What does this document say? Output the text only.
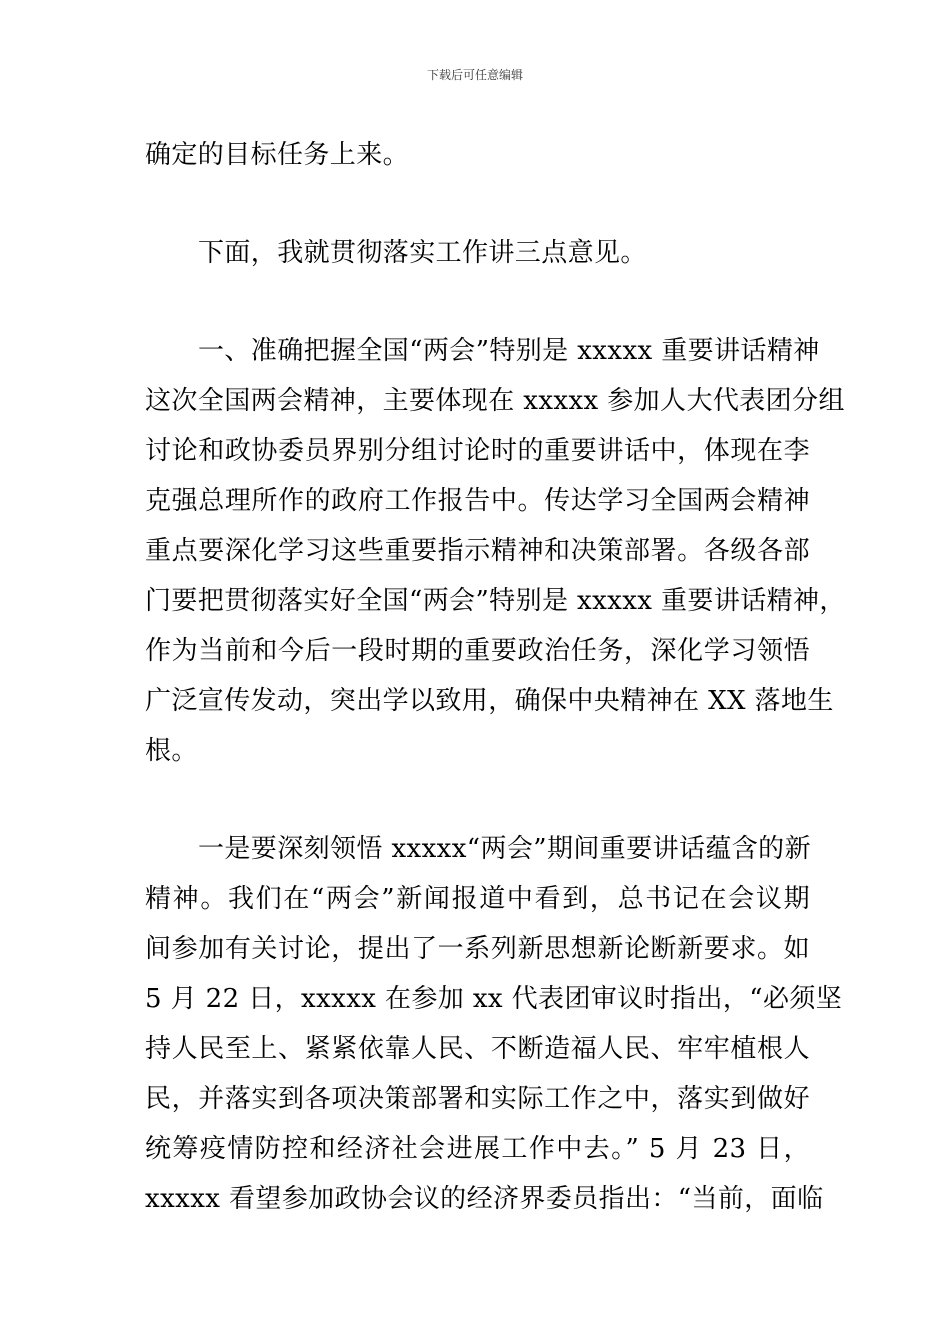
下载后可任意编辑
确定的目标任务上来。
下面，我就贯彻落实工作讲三点意见。
一、准确把握全国“两会”特别是 xxxxx 重要讲话精神
这次全国两会精神，主要体现在 xxxxx 参加人大代表团分组
讨论和政协委员界别分组讨论时的重要讲话中，体现在李
克强总理所作的政府工作报告中。传达学习全国两会精神
重点要深化学习这些重要指示精神和决策部署。各级各部
门要把贯彻落实好全国“两会”特别是 xxxxx 重要讲话精神，
作为当前和今后一段时期的重要政治任务，深化学习领悟
广泛宣传发动，突出学以致用，确保中央精神在 XX 落地生
根。
一是要深刻领悟 xxxxx“两会”期间重要讲话蕴含的新
精神。我们在“两会”新闻报道中看到，总书记在会议期
间参加有关讨论，提出了一系列新思想新论断新要求。如
5 月 22 日，xxxxx 在参加 xx 代表团审议时指出，“必须坚
持人民至上、紧紧依靠人民、不断造福人民、牢牢植根人
民，并落实到各项决策部署和实际工作之中，落实到做好
统筹疫情防控和经济社会进展工作中去。” 5 月 23 日，
xxxxx 看望参加政协会议的经济界委员指出：“当前，面临
